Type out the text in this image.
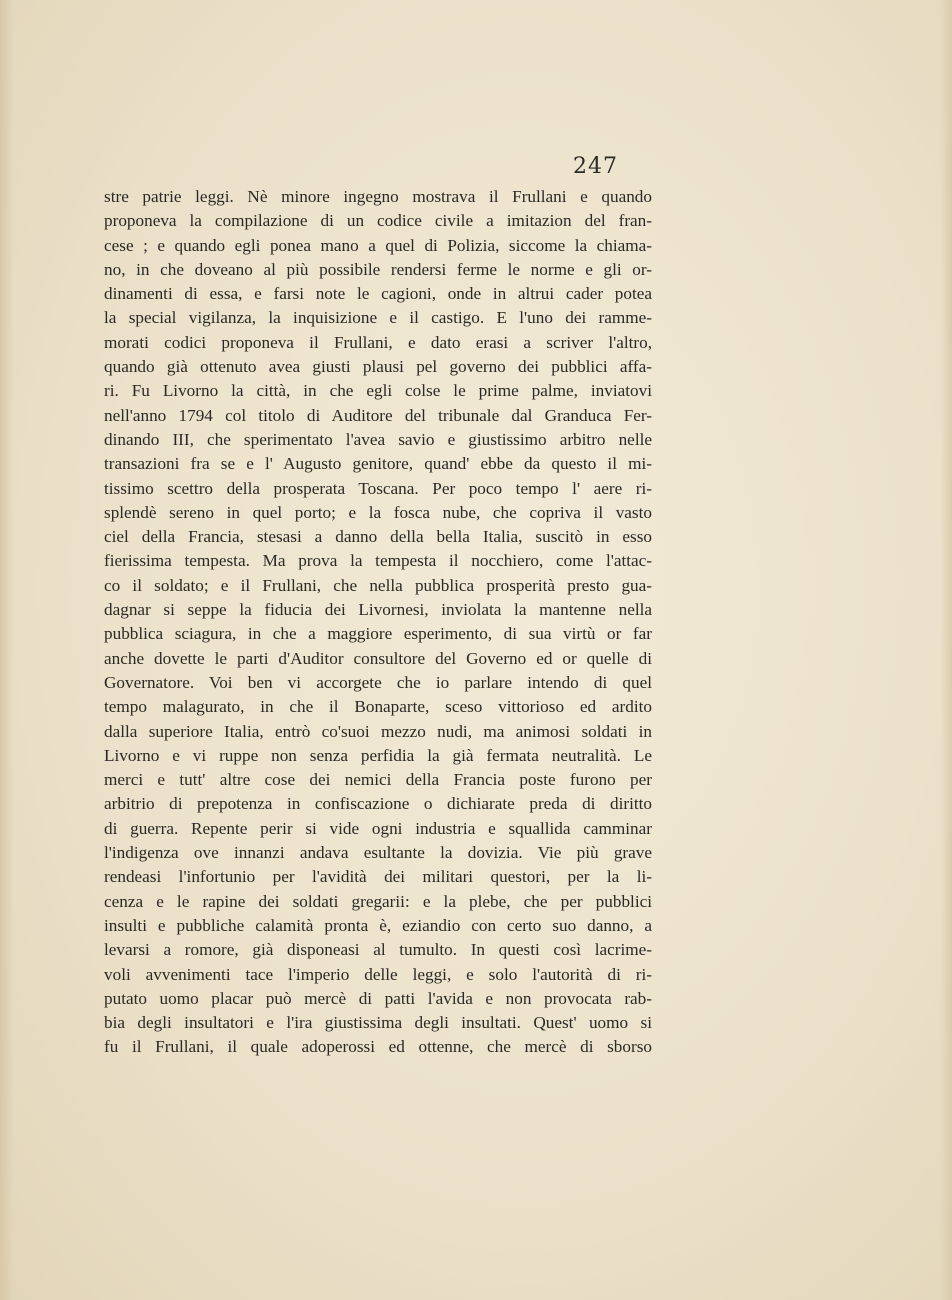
247
stre patrie leggi. Nè minore ingegno mostrava il Frullani e quando
proponeva la compilazione di un codice civile a imitazion del fran-
cese ; e quando egli ponea mano a quel di Polizia, siccome la chiama-
no, in che doveano al più possibile rendersi ferme le norme e gli or-
dinamenti di essa, e farsi note le cagioni, onde in altrui cader potea
la special vigilanza, la inquisizione e il castigo. E l'uno dei ramme-
morati codici proponeva il Frullani, e dato erasi a scriver l'altro,
quando già ottenuto avea giusti plausi pel governo dei pubblici affa-
ri. Fu Livorno la città, in che egli colse le prime palme, inviatovi
nell'anno 1794 col titolo di Auditore del tribunale dal Granduca Fer-
dinando III, che sperimentato l'avea savio e giustissimo arbitro nelle
transazioni fra se e l' Augusto genitore, quand' ebbe da questo il mi-
tissimo scettro della prosperata Toscana. Per poco tempo l' aere ri-
splendè sereno in quel porto; e la fosca nube, che copriva il vasto
ciel della Francia, stesasi a danno della bella Italia, suscitò in esso
fierissima tempesta. Ma prova la tempesta il nocchiero, come l'attac-
co il soldato; e il Frullani, che nella pubblica prosperità presto gua-
dagnar si seppe la fiducia dei Livornesi, inviolata la mantenne nella
pubblica sciagura, in che a maggiore esperimento, di sua virtù or far
anche dovette le parti d'Auditor consultore del Governo ed or quelle di
Governatore. Voi ben vi accorgete che io parlare intendo di quel
tempo malagurato, in che il Bonaparte, sceso vittorioso ed ardito
dalla superiore Italia, entrò co'suoi mezzo nudi, ma animosi soldati in
Livorno e vi ruppe non senza perfidia la già fermata neutralità. Le
merci e tutt' altre cose dei nemici della Francia poste furono per
arbitrio di prepotenza in confiscazione o dichiarate preda di diritto
di guerra. Repente perir si vide ogni industria e squallida camminar
l'indigenza ove innanzi andava esultante la dovizia. Vie più grave
rendeasi l'infortunio per l'avidità dei militari questori, per la li-
cenza e le rapine dei soldati gregarii: e la plebe, che per pubblici
insulti e pubbliche calamità pronta è, eziandio con certo suo danno, a
levarsi a romore, già disponeasi al tumulto. In questi così lacrime-
voli avvenimenti tace l'imperio delle leggi, e solo l'autorità di ri-
putato uomo placar può mercè di patti l'avida e non provocata rab-
bia degli insultatori e l'ira giustissima degli insultati. Quest' uomo si
fu il Frullani, il quale adoperossi ed ottenne, che mercè di sborso
